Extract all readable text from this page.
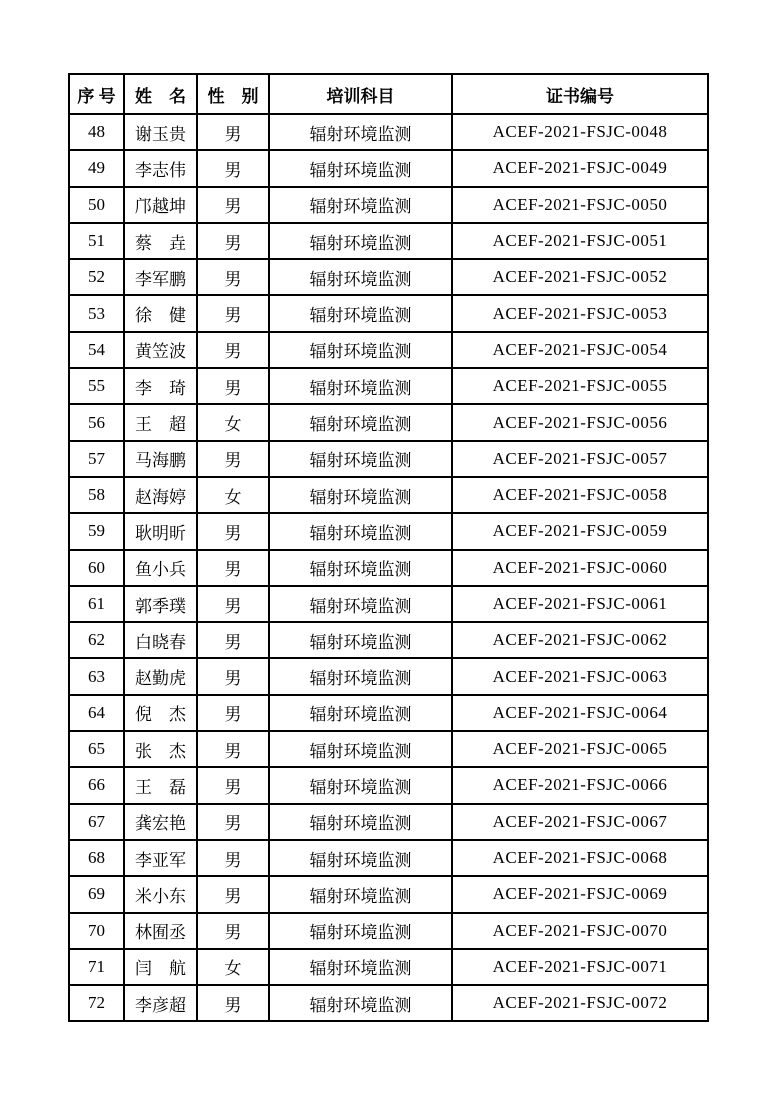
序 号	姓　名	性　别	培训科目	证书编号
48	谢玉贵	男	辐射环境监测	ACEF-2021-FSJC-0048
49	李志伟	男	辐射环境监测	ACEF-2021-FSJC-0049
50	邝越坤	男	辐射环境监测	ACEF-2021-FSJC-0050
51	蔡　垚	男	辐射环境监测	ACEF-2021-FSJC-0051
52	李军鹏	男	辐射环境监测	ACEF-2021-FSJC-0052
53	徐　健	男	辐射环境监测	ACEF-2021-FSJC-0053
54	黄笠波	男	辐射环境监测	ACEF-2021-FSJC-0054
55	李　琦	男	辐射环境监测	ACEF-2021-FSJC-0055
56	王　超	女	辐射环境监测	ACEF-2021-FSJC-0056
57	马海鹏	男	辐射环境监测	ACEF-2021-FSJC-0057
58	赵海婷	女	辐射环境监测	ACEF-2021-FSJC-0058
59	耿明昕	男	辐射环境监测	ACEF-2021-FSJC-0059
60	鱼小兵	男	辐射环境监测	ACEF-2021-FSJC-0060
61	郭季璞	男	辐射环境监测	ACEF-2021-FSJC-0061
62	白晓春	男	辐射环境监测	ACEF-2021-FSJC-0062
63	赵勤虎	男	辐射环境监测	ACEF-2021-FSJC-0063
64	倪　杰	男	辐射环境监测	ACEF-2021-FSJC-0064
65	张　杰	男	辐射环境监测	ACEF-2021-FSJC-0065
66	王　磊	男	辐射环境监测	ACEF-2021-FSJC-0066
67	龚宏艳	男	辐射环境监测	ACEF-2021-FSJC-0067
68	李亚军	男	辐射环境监测	ACEF-2021-FSJC-0068
69	米小东	男	辐射环境监测	ACEF-2021-FSJC-0069
70	林囿丞	男	辐射环境监测	ACEF-2021-FSJC-0070
71	闫　航	女	辐射环境监测	ACEF-2021-FSJC-0071
72	李彦超	男	辐射环境监测	ACEF-2021-FSJC-0072
